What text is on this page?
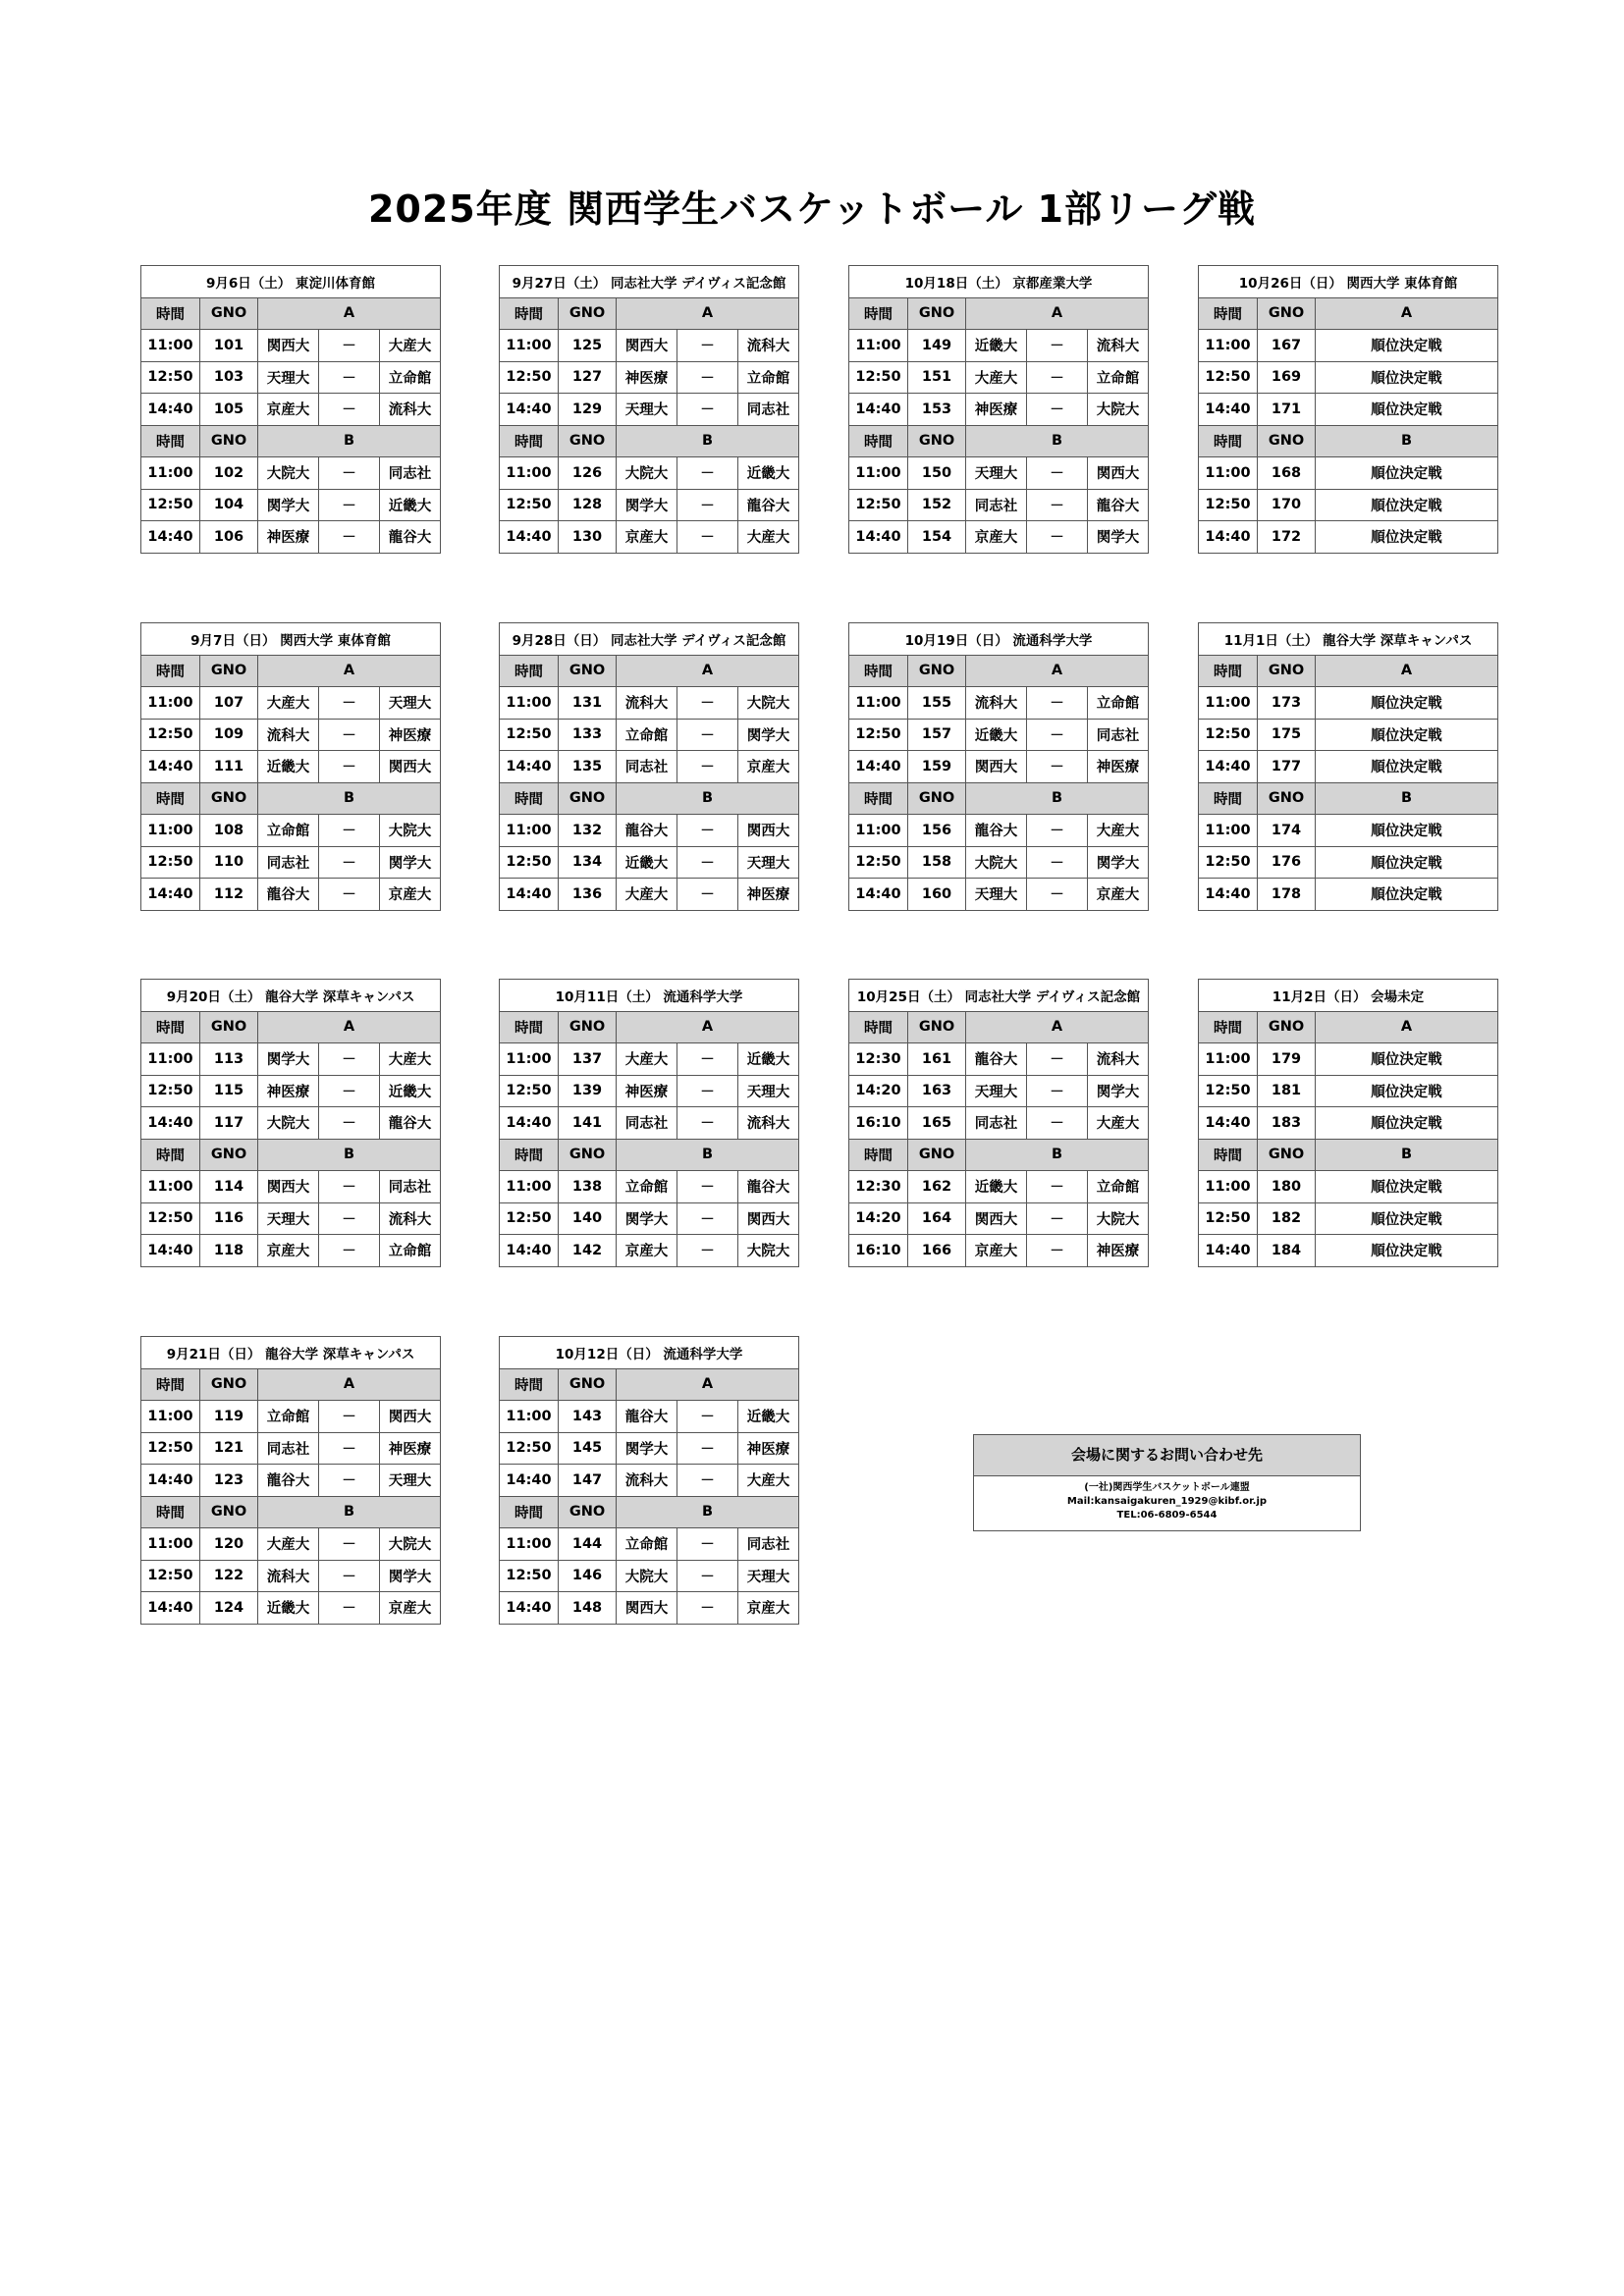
2025年度 関西学生バスケットボール 1部リーグ戦
9月6日（土） 東淀川体育館				
時間	GNO	A		
11:00	101	関西大	－	大産大
12:50	103	天理大	－	立命館
14:40	105	京産大	－	流科大
時間	GNO	B		
11:00	102	大院大	－	同志社
12:50	104	関学大	－	近畿大
14:40	106	神医療	－	龍谷大
9月27日（土） 同志社大学 デイヴィス記念館				
時間	GNO	A		
11:00	125	関西大	－	流科大
12:50	127	神医療	－	立命館
14:40	129	天理大	－	同志社
時間	GNO	B		
11:00	126	大院大	－	近畿大
12:50	128	関学大	－	龍谷大
14:40	130	京産大	－	大産大
10月18日（土） 京都産業大学				
時間	GNO	A		
11:00	149	近畿大	－	流科大
12:50	151	大産大	－	立命館
14:40	153	神医療	－	大院大
時間	GNO	B		
11:00	150	天理大	－	関西大
12:50	152	同志社	－	龍谷大
14:40	154	京産大	－	関学大
10月26日（日） 関西大学 東体育館		
時間	GNO	A
11:00	167	順位決定戦
12:50	169	順位決定戦
14:40	171	順位決定戦
時間	GNO	B
11:00	168	順位決定戦
12:50	170	順位決定戦
14:40	172	順位決定戦
9月7日（日） 関西大学 東体育館				
時間	GNO	A		
11:00	107	大産大	－	天理大
12:50	109	流科大	－	神医療
14:40	111	近畿大	－	関西大
時間	GNO	B		
11:00	108	立命館	－	大院大
12:50	110	同志社	－	関学大
14:40	112	龍谷大	－	京産大
9月28日（日） 同志社大学 デイヴィス記念館				
時間	GNO	A		
11:00	131	流科大	－	大院大
12:50	133	立命館	－	関学大
14:40	135	同志社	－	京産大
時間	GNO	B		
11:00	132	龍谷大	－	関西大
12:50	134	近畿大	－	天理大
14:40	136	大産大	－	神医療
10月19日（日） 流通科学大学				
時間	GNO	A		
11:00	155	流科大	－	立命館
12:50	157	近畿大	－	同志社
14:40	159	関西大	－	神医療
時間	GNO	B		
11:00	156	龍谷大	－	大産大
12:50	158	大院大	－	関学大
14:40	160	天理大	－	京産大
11月1日（土） 龍谷大学 深草キャンパス		
時間	GNO	A
11:00	173	順位決定戦
12:50	175	順位決定戦
14:40	177	順位決定戦
時間	GNO	B
11:00	174	順位決定戦
12:50	176	順位決定戦
14:40	178	順位決定戦
9月20日（土） 龍谷大学 深草キャンパス				
時間	GNO	A		
11:00	113	関学大	－	大産大
12:50	115	神医療	－	近畿大
14:40	117	大院大	－	龍谷大
時間	GNO	B		
11:00	114	関西大	－	同志社
12:50	116	天理大	－	流科大
14:40	118	京産大	－	立命館
10月11日（土） 流通科学大学				
時間	GNO	A		
11:00	137	大産大	－	近畿大
12:50	139	神医療	－	天理大
14:40	141	同志社	－	流科大
時間	GNO	B		
11:00	138	立命館	－	龍谷大
12:50	140	関学大	－	関西大
14:40	142	京産大	－	大院大
10月25日（土） 同志社大学 デイヴィス記念館				
時間	GNO	A		
12:30	161	龍谷大	－	流科大
14:20	163	天理大	－	関学大
16:10	165	同志社	－	大産大
時間	GNO	B		
12:30	162	近畿大	－	立命館
14:20	164	関西大	－	大院大
16:10	166	京産大	－	神医療
11月2日（日） 会場未定		
時間	GNO	A
11:00	179	順位決定戦
12:50	181	順位決定戦
14:40	183	順位決定戦
時間	GNO	B
11:00	180	順位決定戦
12:50	182	順位決定戦
14:40	184	順位決定戦
9月21日（日） 龍谷大学 深草キャンパス				
時間	GNO	A		
11:00	119	立命館	－	関西大
12:50	121	同志社	－	神医療
14:40	123	龍谷大	－	天理大
時間	GNO	B		
11:00	120	大産大	－	大院大
12:50	122	流科大	－	関学大
14:40	124	近畿大	－	京産大
10月12日（日） 流通科学大学				
時間	GNO	A		
11:00	143	龍谷大	－	近畿大
12:50	145	関学大	－	神医療
14:40	147	流科大	－	大産大
時間	GNO	B		
11:00	144	立命館	－	同志社
12:50	146	大院大	－	天理大
14:40	148	関西大	－	京産大
会場に関するお問い合わせ先
(一社)関西学生バスケットボール連盟
Mail:kansaigakuren_1929@kibf.or.jp
TEL:06-6809-6544
